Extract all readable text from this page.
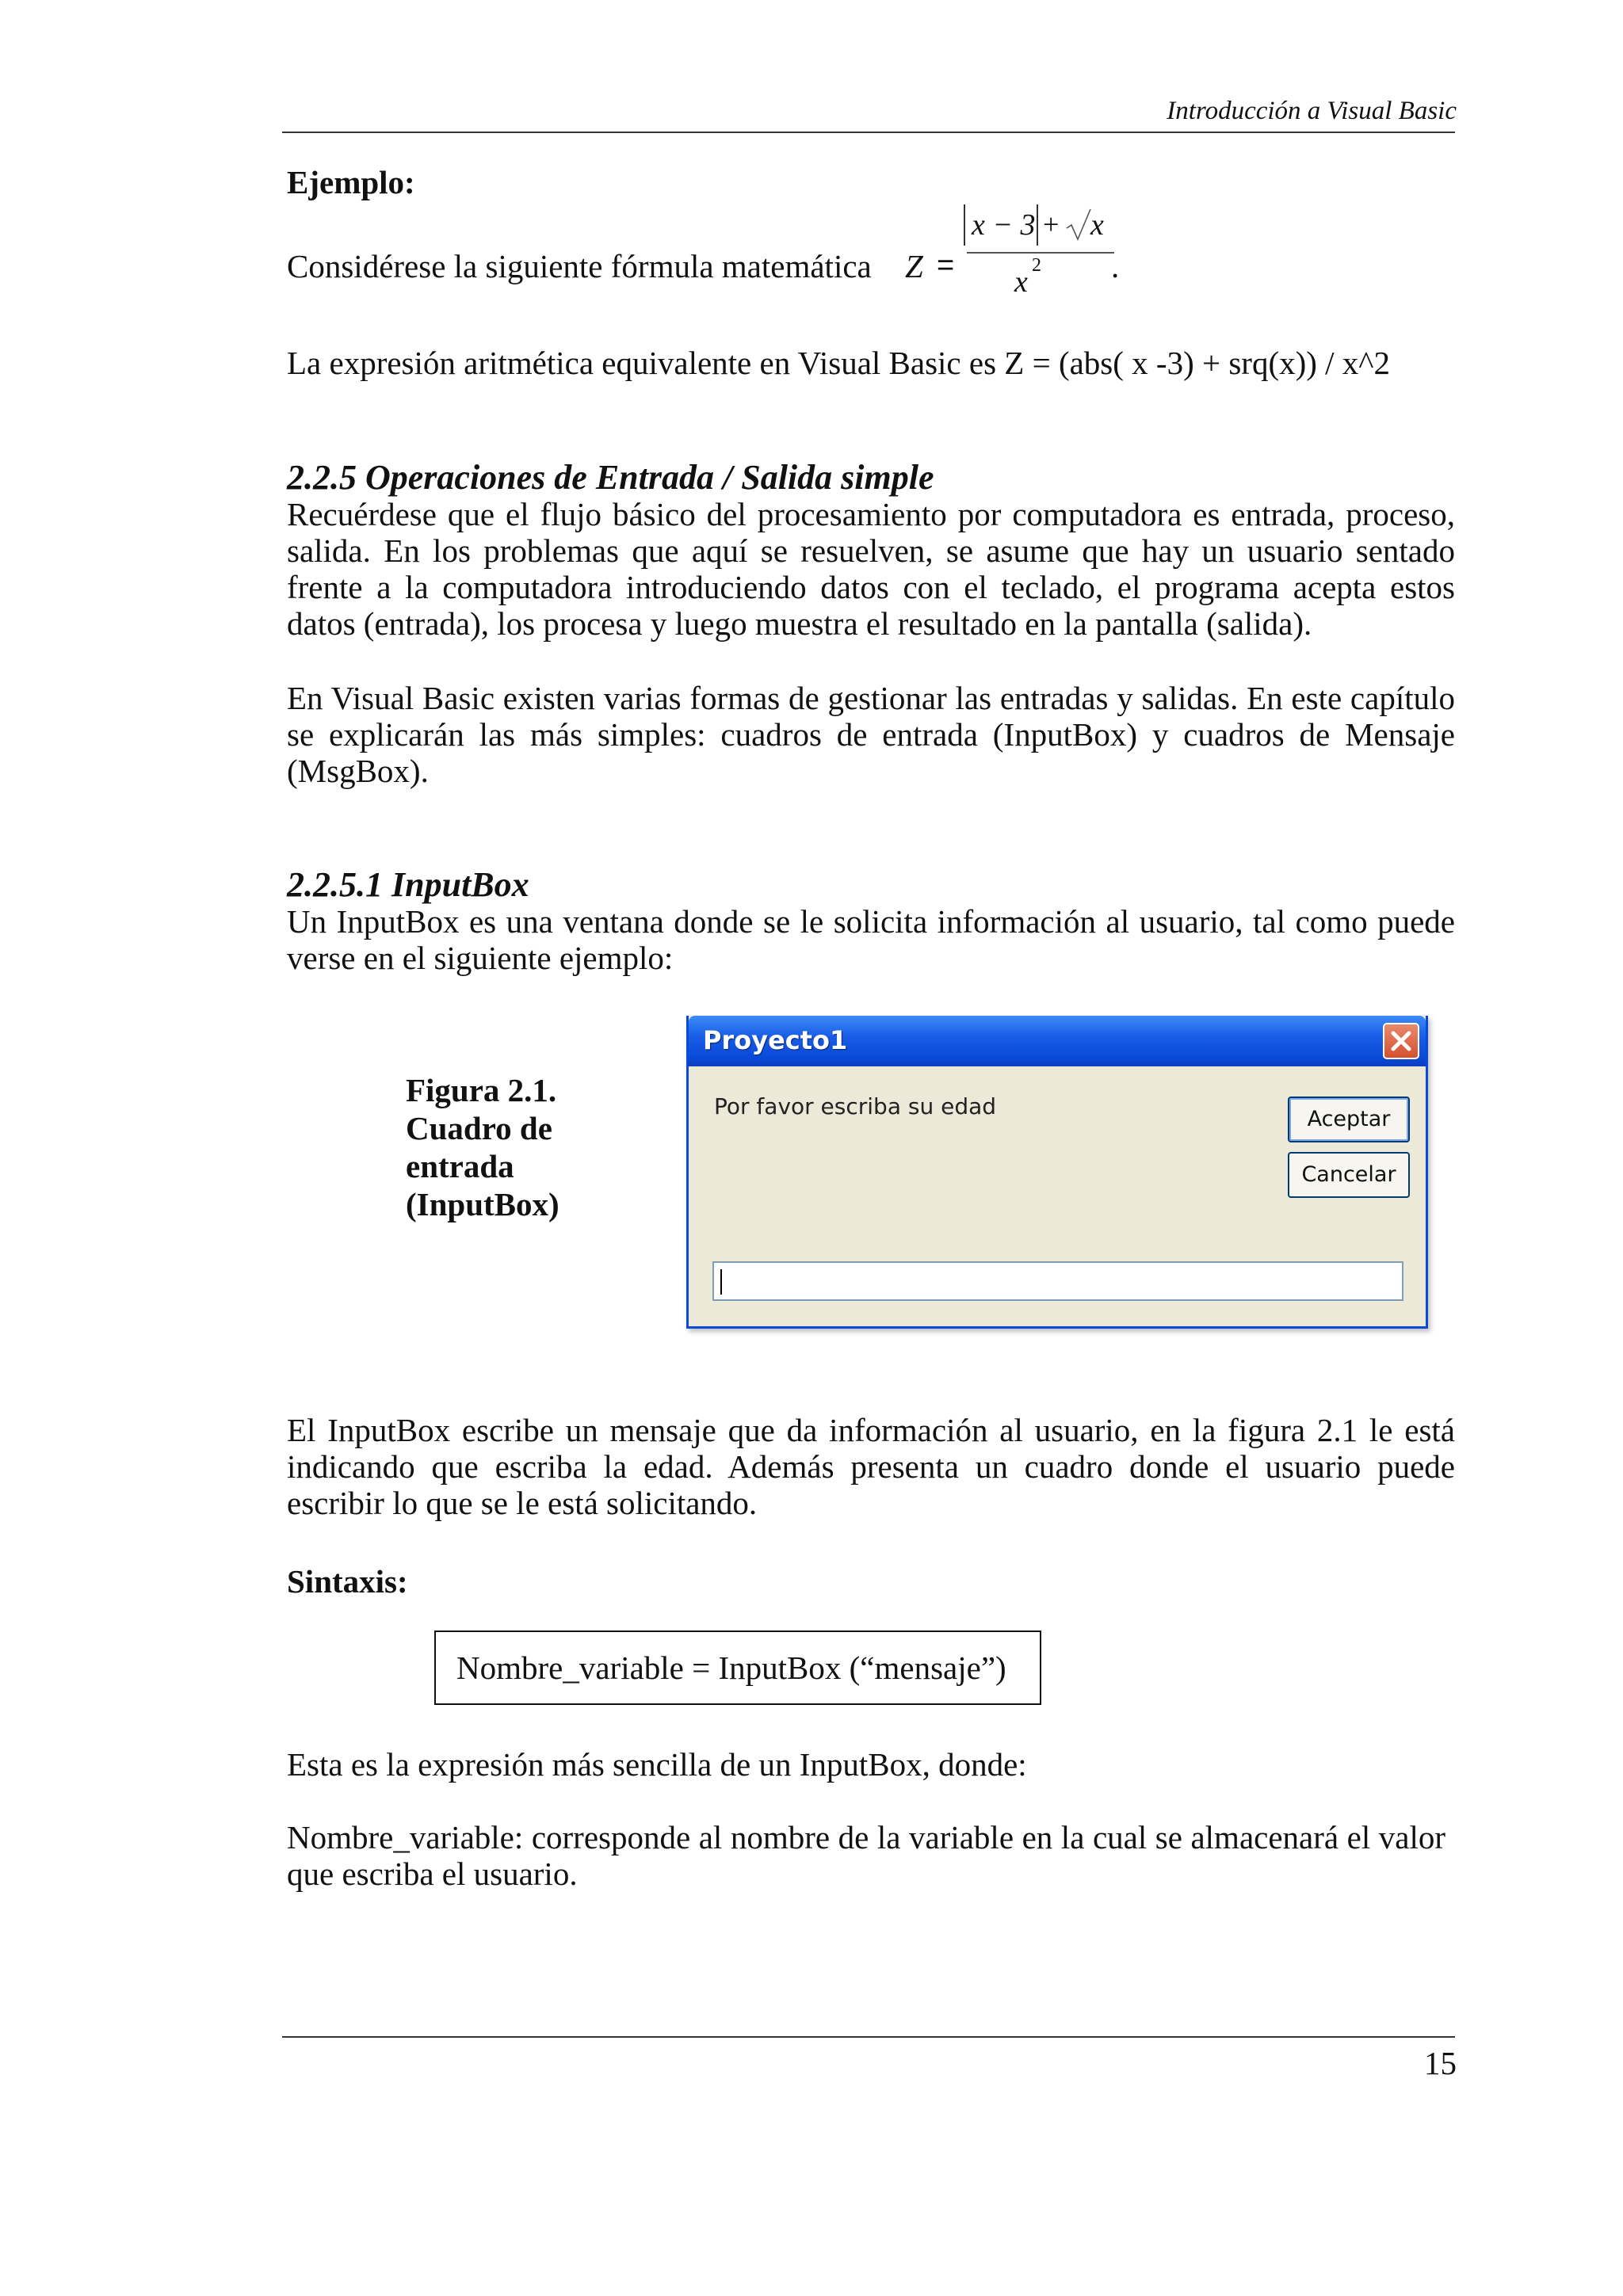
Introducción a Visual Basic
Ejemplo:
Considérese la siguiente fórmula matemática Z =
x − 3 + x
x 2 .
La expresión aritmética equivalente en Visual Basic es Z = (abs( x -3) + srq(x)) / x^2
2.2.5 Operaciones de Entrada / Salida simple

Recuérdese que el flujo básico del procesamiento por computadora es entrada, proceso, salida. En los problemas que aquí se resuelven, se asume que hay un usuario sentado frente a la computadora introduciendo datos con el teclado, el programa acepta estos datos (entrada), los procesa y luego muestra el resultado en la pantalla (salida).

En Visual Basic existen varias formas de gestionar las entradas y salidas. En este capítulo se explicarán las más simples: cuadros de entrada (InputBox) y cuadros de Mensaje (MsgBox).

2.2.5.1 InputBox

Un InputBox es una ventana donde se le solicita información al usuario, tal como puede verse en el siguiente ejemplo:

Figura 2.1.
Cuadro de
entrada
(InputBox)
Proyecto1
Por favor escriba su edad	Aceptar
Cancelar

El InputBox escribe un mensaje que da información al usuario, en la figura 2.1 le está indicando que escriba la edad. Además presenta un cuadro donde el usuario puede escribir lo que se le está solicitando.

Sintaxis:
Nombre_variable = InputBox (“mensaje”)

Esta es la expresión más sencilla de un InputBox, donde:

Nombre_variable: corresponde al nombre de la variable en la cual se almacenará el valor que escriba el usuario.

15
